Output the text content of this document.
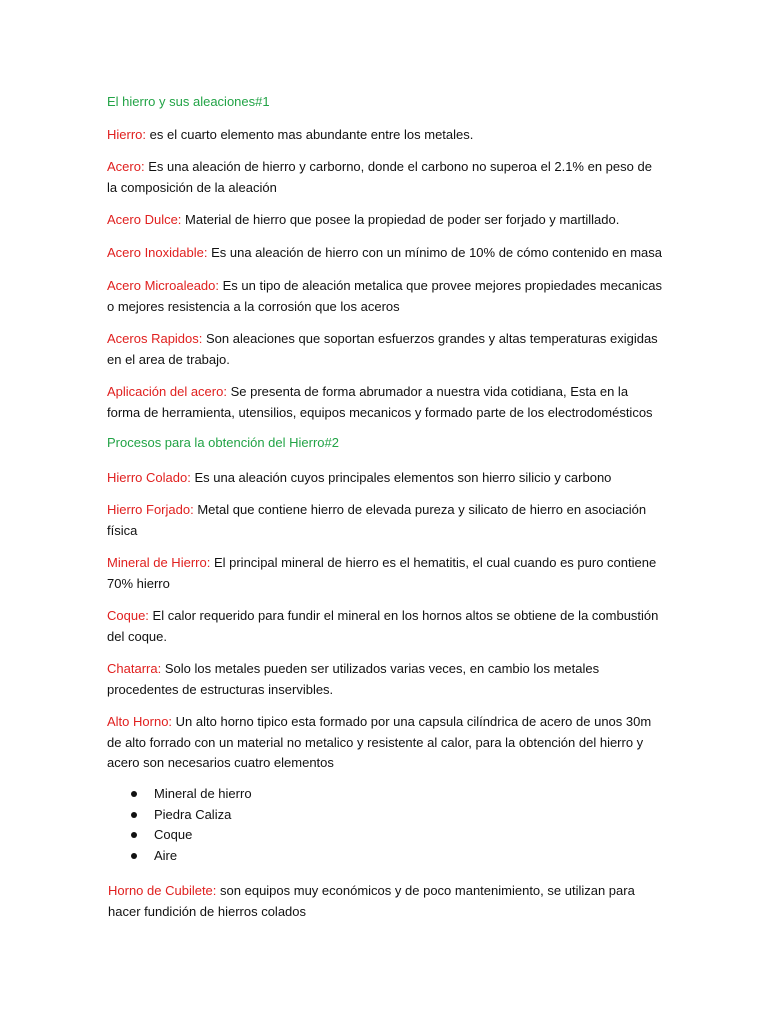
El hierro y sus aleaciones#1

Hierro: es el cuarto elemento mas abundante entre los metales.

Acero: Es una aleación de hierro y carborno, donde el carbono no superoa el 2.1% en peso de la composición de la aleación

Acero Dulce: Material de hierro que posee la propiedad de poder ser forjado y martillado.

Acero Inoxidable: Es una aleación de hierro con un mínimo de 10% de cómo contenido en masa

Acero Microaleado: Es un tipo de aleación metalica que provee mejores propiedades mecanicas o mejores resistencia a la corrosión que los aceros

Aceros Rapidos: Son aleaciones que soportan esfuerzos grandes y altas temperaturas exigidas en el area de trabajo.

Aplicación del acero: Se presenta de forma abrumador a nuestra vida cotidiana, Esta en la forma de herramienta, utensilios, equipos mecanicos y formado parte de los electrodomésticos

Procesos para la obtención del Hierro#2

Hierro Colado: Es una aleación cuyos principales elementos son hierro silicio y carbono

Hierro Forjado: Metal que contiene hierro de elevada pureza y silicato de hierro en asociación física

Mineral de Hierro: El principal mineral de hierro es el hematitis, el cual cuando es puro contiene 70% hierro

Coque: El calor requerido para fundir el mineral en los hornos altos se obtiene de la combustión del coque.

Chatarra: Solo los metales pueden ser utilizados varias veces, en cambio los metales procedentes de estructuras inservibles.

Alto Horno: Un alto horno tipico esta formado por una capsula cilíndrica de acero de unos 30m de alto forrado con un material no metalico y resistente al calor, para la obtención del hierro y acero son necesarios cuatro elementos

Mineral de hierro
Piedra Caliza
Coque
Aire

Horno de Cubilete: son equipos muy económicos y de poco mantenimiento, se utilizan para hacer fundición de hierros colados
